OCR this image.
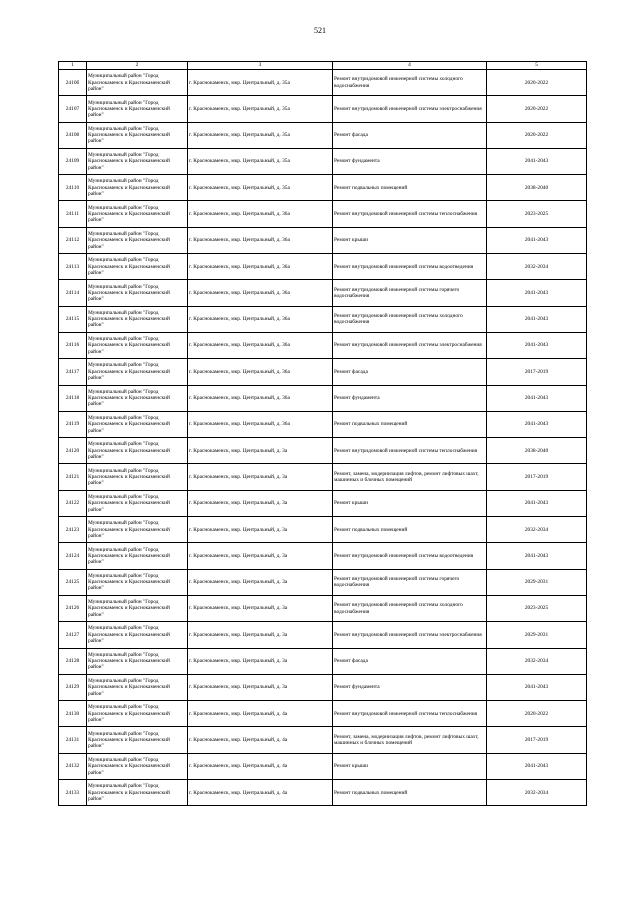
521
1	2	3	4	5
2410б	Муниципальный район "Город Краснокаменск и Краснокаменский район"	г. Краснокаменск, мкр. Центральный, д. 35а	Ремонт внутридомовой инженерной системы холодного водоснабжения	2020-2022
24107	Муниципальный район "Город Краснокаменск и Краснокаменский район"	г. Краснокаменск, мкр. Центральный, д. 35а	Ремонт внутридомовой инженерной системы электроснабжения	2020-2022
24108	Муниципальный район "Город Краснокаменск и Краснокаменский район"	г. Краснокаменск, мкр. Центральный, д. 35а	Ремонт фасада	2020-2022
24109	Муниципальный район "Город Краснокаменск и Краснокаменский район"	г. Краснокаменск, мкр. Центральный, д. 35а	Ремонт фундамента	2041-2043
24110	Муниципальный район "Город Краснокаменск и Краснокаменский район"	г. Краснокаменск, мкр. Центральный, д. 35а	Ремонт подвальных помещений	2038-2040
24111	Муниципальный район "Город Краснокаменск и Краснокаменский район"	г. Краснокаменск, мкр. Центральный, д. 36а	Ремонт внутридомовой инженерной системы теплоснабжения	2023-2025
24112	Муниципальный район "Город Краснокаменск и Краснокаменский район"	г. Краснокаменск, мкр. Центральный, д. 36а	Ремонт крыши	2041-2043
24113	Муниципальный район "Город Краснокаменск и Краснокаменский район"	г. Краснокаменск, мкр. Центральный, д. 36а	Ремонт внутридомовой инженерной системы водоотведения	2032-2034
24114	Муниципальный район "Город Краснокаменск и Краснокаменский район"	г. Краснокаменск, мкр. Центральный, д. 36а	Ремонт внутридомовой инженерной системы горячего водоснабжения	2041-2043
24115	Муниципальный район "Город Краснокаменск и Краснокаменский район"	г. Краснокаменск, мкр. Центральный, д. 36а	Ремонт внутридомовой инженерной системы холодного водоснабжения	2041-2043
24116	Муниципальный район "Город Краснокаменск и Краснокаменский район"	г. Краснокаменск, мкр. Центральный, д. 36а	Ремонт внутридомовой инженерной системы электроснабжения	2041-2043
24117	Муниципальный район "Город Краснокаменск и Краснокаменский район"	г. Краснокаменск, мкр. Центральный, д. 36а	Ремонт фасада	2017-2019
24118	Муниципальный район "Город Краснокаменск и Краснокаменский район"	г. Краснокаменск, мкр. Центральный, д. 36а	Ремонт фундамента	2041-2043
24119	Муниципальный район "Город Краснокаменск и Краснокаменский район"	г. Краснокаменск, мкр. Центральный, д. 36а	Ремонт подвальных помещений	2041-2043
24120	Муниципальный район "Город Краснокаменск и Краснокаменский район"	г. Краснокаменск, мкр. Центральный, д. 3а	Ремонт внутридомовой инженерной системы теплоснабжения	2038-2040
24121	Муниципальный район "Город Краснокаменск и Краснокаменский район"	г. Краснокаменск, мкр. Центральный, д. 3а	Ремонт, замена, модернизация лифтов, ремонт лифтовых шахт, машинных и блочных помещений	2017-2019
24122	Муниципальный район "Город Краснокаменск и Краснокаменский район"	г. Краснокаменск, мкр. Центральный, д. 3а	Ремонт крыши	2041-2043
24123	Муниципальный район "Город Краснокаменск и Краснокаменский район"	г. Краснокаменск, мкр. Центральный, д. 3а	Ремонт подвальных помещений	2032-2034
24124	Муниципальный район "Город Краснокаменск и Краснокаменский район"	г. Краснокаменск, мкр. Центральный, д. 3а	Ремонт внутридомовой инженерной системы водоотведения	2041-2043
24125	Муниципальный район "Город Краснокаменск и Краснокаменский район"	г. Краснокаменск, мкр. Центральный, д. 3а	Ремонт внутридомовой инженерной системы горячего водоснабжения	2029-2031
24126	Муниципальный район "Город Краснокаменск и Краснокаменский район"	г. Краснокаменск, мкр. Центральный, д. 3а	Ремонт внутридомовой инженерной системы холодного водоснабжения	2023-2025
24127	Муниципальный район "Город Краснокаменск и Краснокаменский район"	г. Краснокаменск, мкр. Центральный, д. 3а	Ремонт внутридомовой инженерной системы электроснабжения	2029-2031
24128	Муниципальный район "Город Краснокаменск и Краснокаменский район"	г. Краснокаменск, мкр. Центральный, д. 3а	Ремонт фасада	2032-2034
24129	Муниципальный район "Город Краснокаменск и Краснокаменский район"	г. Краснокаменск, мкр. Центральный, д. 3а	Ремонт фундамента	2041-2043
24130	Муниципальный район "Город Краснокаменск и Краснокаменский район"	г. Краснокаменск, мкр. Центральный, д. 4а	Ремонт внутридомовой инженерной системы теплоснабжения	2020-2022
24131	Муниципальный район "Город Краснокаменск и Краснокаменский район"	г. Краснокаменск, мкр. Центральный, д. 4а	Ремонт, замена, модернизация лифтов, ремонт лифтовых шахт, машинных и блочных помещений	2017-2019
24132	Муниципальный район "Город Краснокаменск и Краснокаменский район"	г. Краснокаменск, мкр. Центральный, д. 4а	Ремонт крыши	2041-2043
24133	Муниципальный район "Город Краснокаменск и Краснокаменский район"	г. Краснокаменск, мкр. Центральный, д. 4а	Ремонт подвальных помещений	2032-2034
